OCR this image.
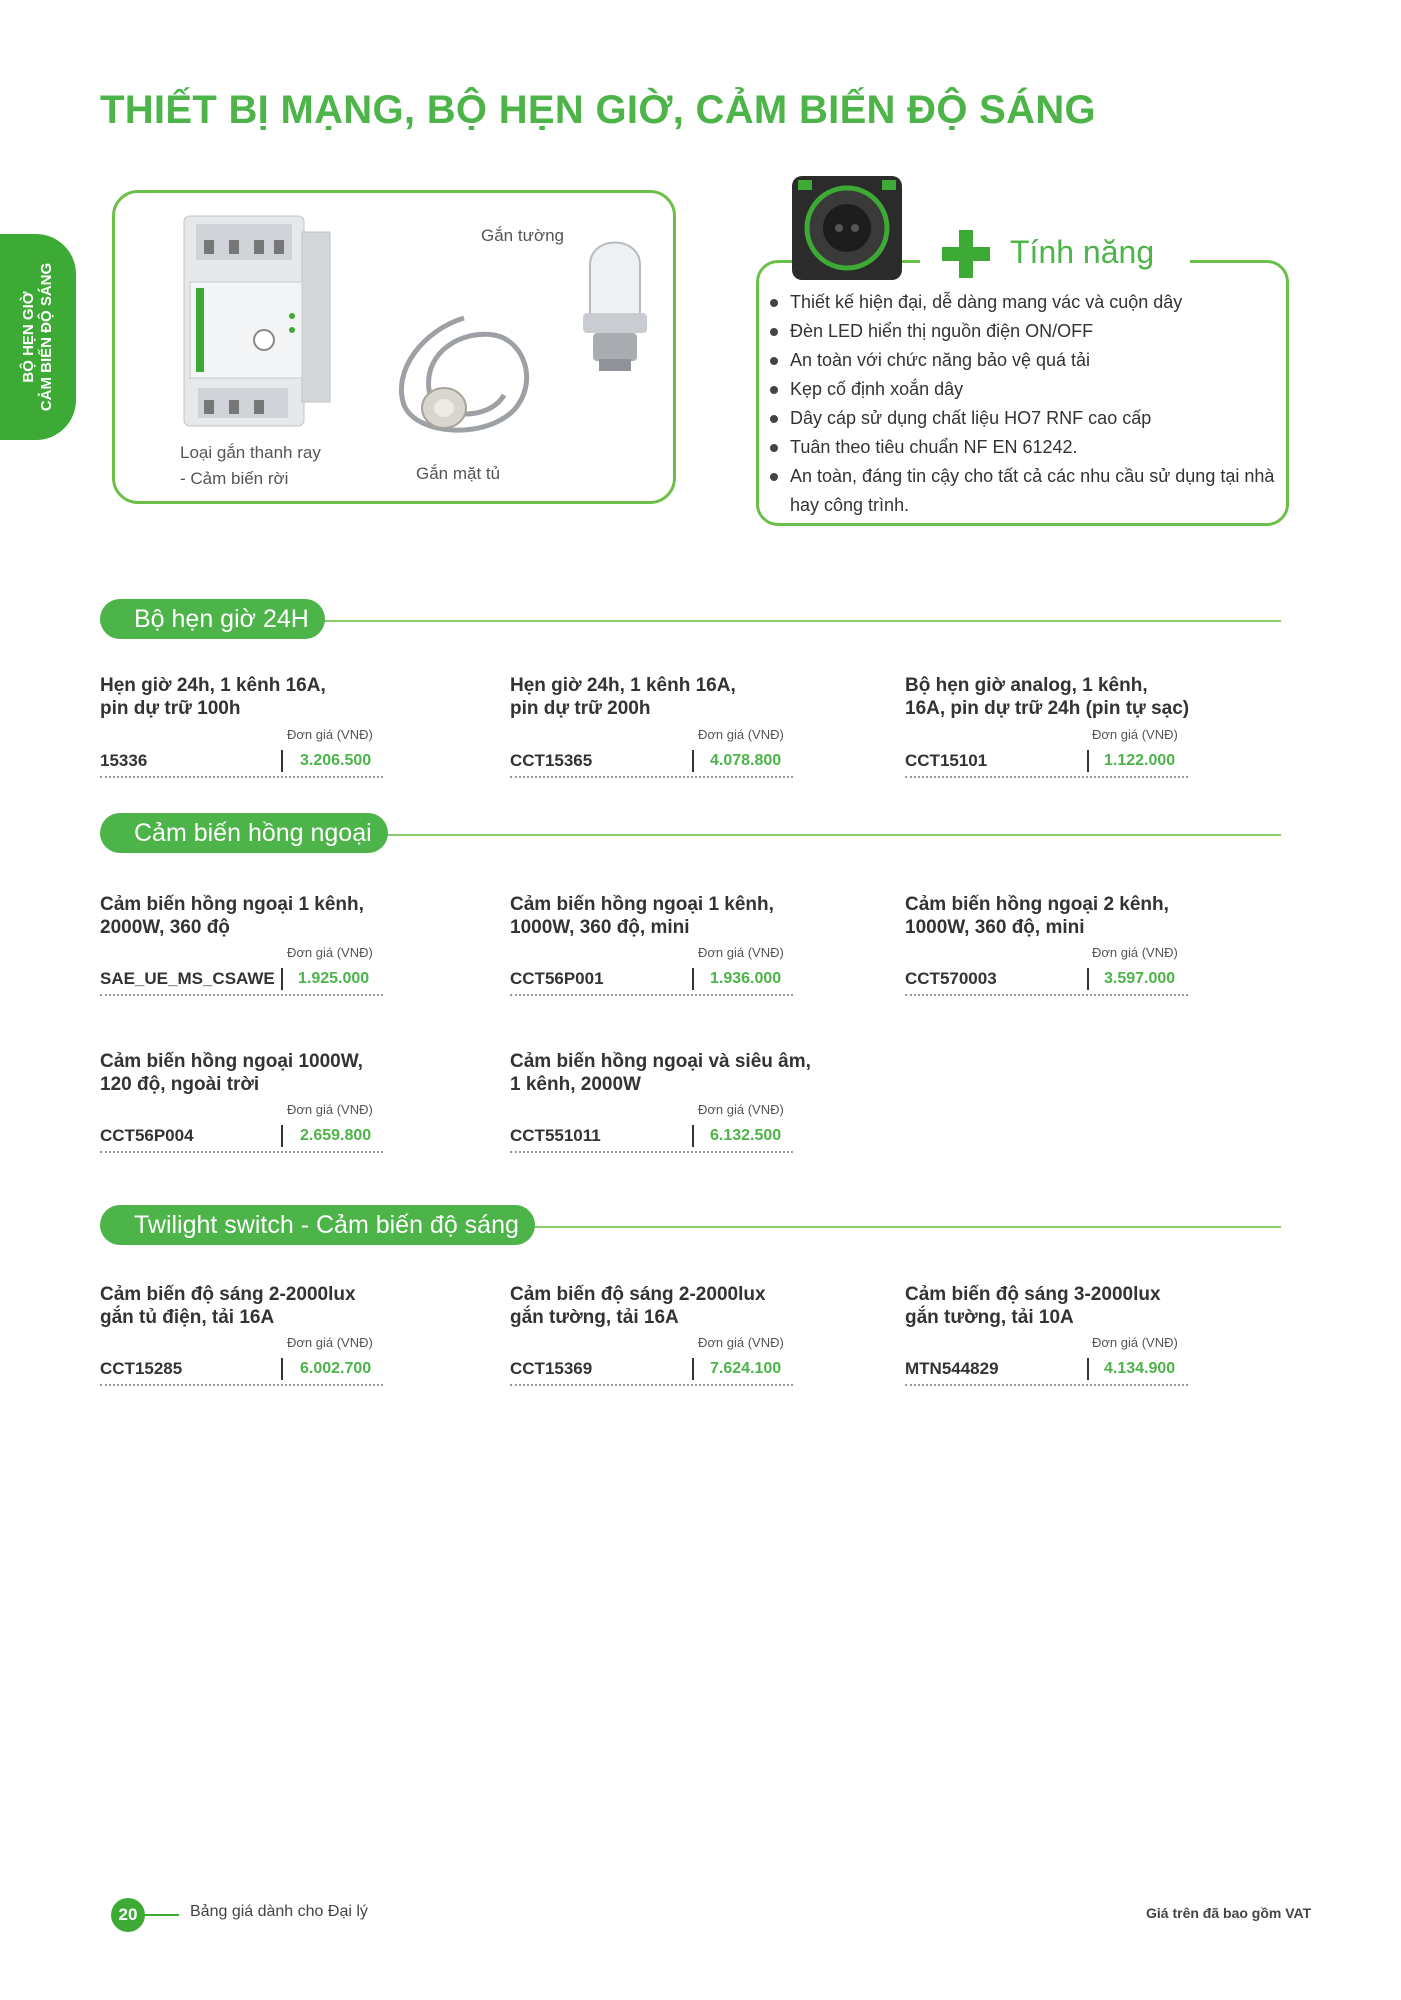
THIẾT BỊ MẠNG, BỘ HẸN GIỜ, CẢM BIẾN ĐỘ SÁNG
BỘ HẸN GIỜ CẢM BIẾN ĐỘ SÁNG
Gắn tường
Loại gắn thanh ray
- Cảm biến rời	Gắn mặt tủ
Tính năng
Thiết kế hiện đại, dễ dàng mang vác và cuộn dây
Đèn LED hiển thị nguồn điện ON/OFF
An toàn với chức năng bảo vệ quá tải
Kẹp cố định xoắn dây
Dây cáp sử dụng chất liệu HO7 RNF cao cấp
Tuân theo tiêu chuẩn NF EN 61242.
An toàn, đáng tin cậy cho tất cả các nhu cầu sử dụng tại nhà hay công trình.
Bộ hẹn giờ 24H
Hẹn giờ 24h, 1 kênh 16A,
pin dự trữ 100h
Đơn giá (VNĐ)
15336	3.206.500
Hẹn giờ 24h, 1 kênh 16A,
pin dự trữ 200h
Đơn giá (VNĐ)
CCT15365	4.078.800
Bộ hẹn giờ analog, 1 kênh,
16A, pin dự trữ 24h (pin tự sạc)
Đơn giá (VNĐ)
CCT15101	1.122.000
Cảm biến hồng ngoại
Cảm biến hồng ngoại 1 kênh,
2000W, 360 độ
Đơn giá (VNĐ)
SAE_UE_MS_CSAWE 1.925.000
Cảm biến hồng ngoại 1 kênh,
1000W, 360 độ, mini
Đơn giá (VNĐ)
CCT56P001	1.936.000
Cảm biến hồng ngoại 2 kênh,
1000W, 360 độ, mini
Đơn giá (VNĐ)
CCT570003	3.597.000
Cảm biến hồng ngoại 1000W,
120 độ, ngoài trời
Đơn giá (VNĐ)
CCT56P004	2.659.800
Cảm biến hồng ngoại và siêu âm,
1 kênh, 2000W
Đơn giá (VNĐ)
CCT551011	6.132.500
Twilight switch - Cảm biến độ sáng
Cảm biến độ sáng 2-2000lux
gắn tủ điện, tải 16A
Đơn giá (VNĐ)
CCT15285	6.002.700
Cảm biến độ sáng 2-2000lux
gắn tường, tải 16A
Đơn giá (VNĐ)
CCT15369	7.624.100
Cảm biến độ sáng 3-2000lux
gắn tường, tải 10A
Đơn giá (VNĐ)
MTN544829	4.134.900
20	Bảng giá dành cho Đại lý	Giá trên đã bao gồm VAT
